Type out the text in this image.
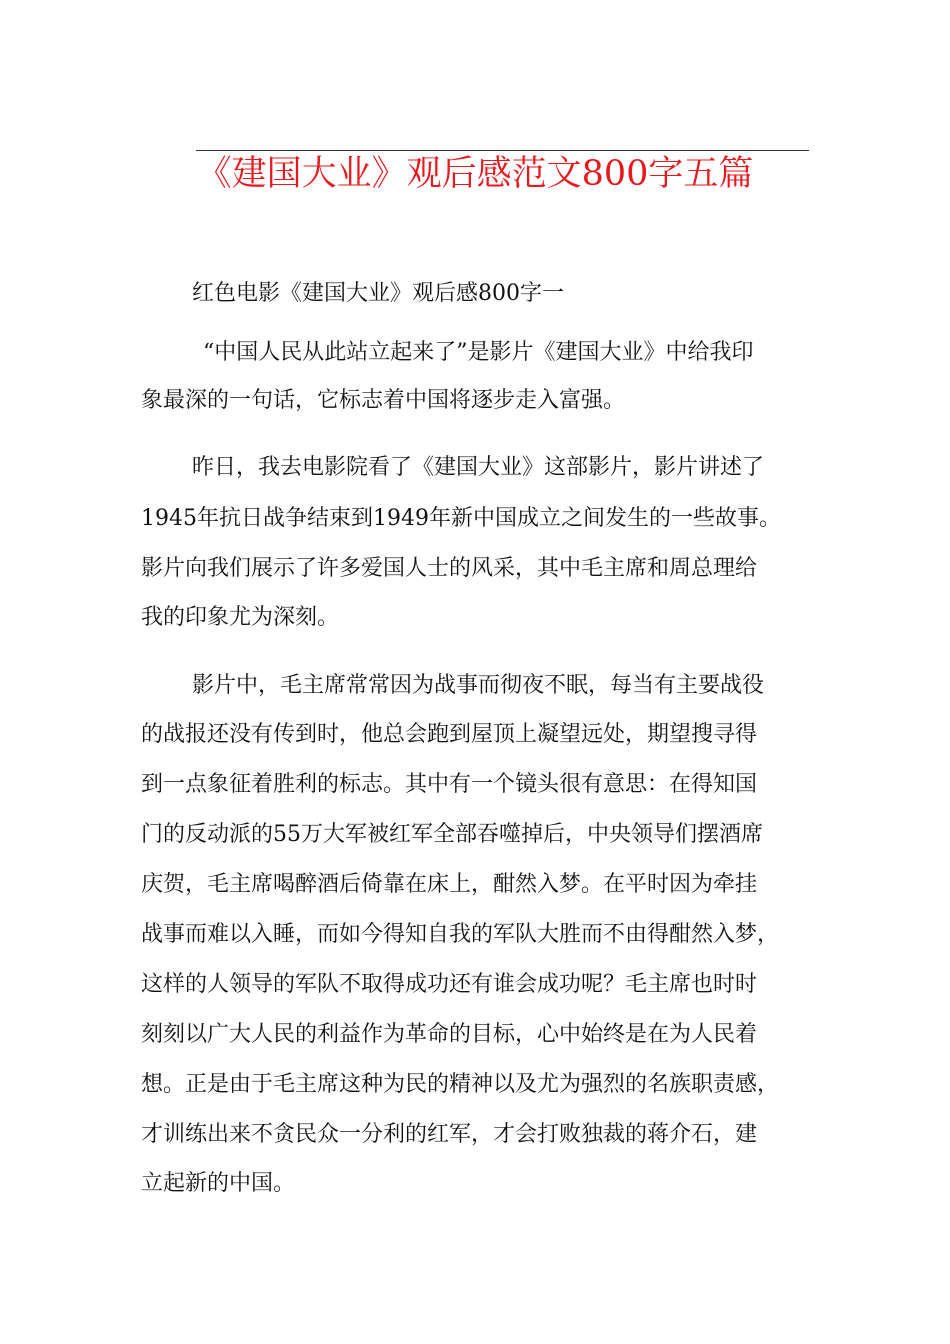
《建国大业》观后感范文800字五篇
红色电影《建国大业》观后感800字一
“中国人民从此站立起来了”是影片《建国大业》中给我印
象最深的一句话，它标志着中国将逐步走入富强。
昨日，我去电影院看了《建国大业》这部影片，影片讲述了
1945年抗日战争结束到1949年新中国成立之间发生的一些故事。
影片向我们展示了许多爱国人士的风采，其中毛主席和周总理给
我的印象尤为深刻。
影片中，毛主席常常因为战事而彻夜不眠，每当有主要战役
的战报还没有传到时，他总会跑到屋顶上凝望远处，期望搜寻得
到一点象征着胜利的标志。其中有一个镜头很有意思：在得知国
门的反动派的55万大军被红军全部吞噬掉后，中央领导们摆酒席
庆贺，毛主席喝醉酒后倚靠在床上，酣然入梦。在平时因为牵挂
战事而难以入睡，而如今得知自我的军队大胜而不由得酣然入梦，
这样的人领导的军队不取得成功还有谁会成功呢？毛主席也时时
刻刻以广大人民的利益作为革命的目标，心中始终是在为人民着
想。正是由于毛主席这种为民的精神以及尤为强烈的名族职责感，
才训练出来不贪民众一分利的红军，才会打败独裁的蒋介石，建
立起新的中国。
